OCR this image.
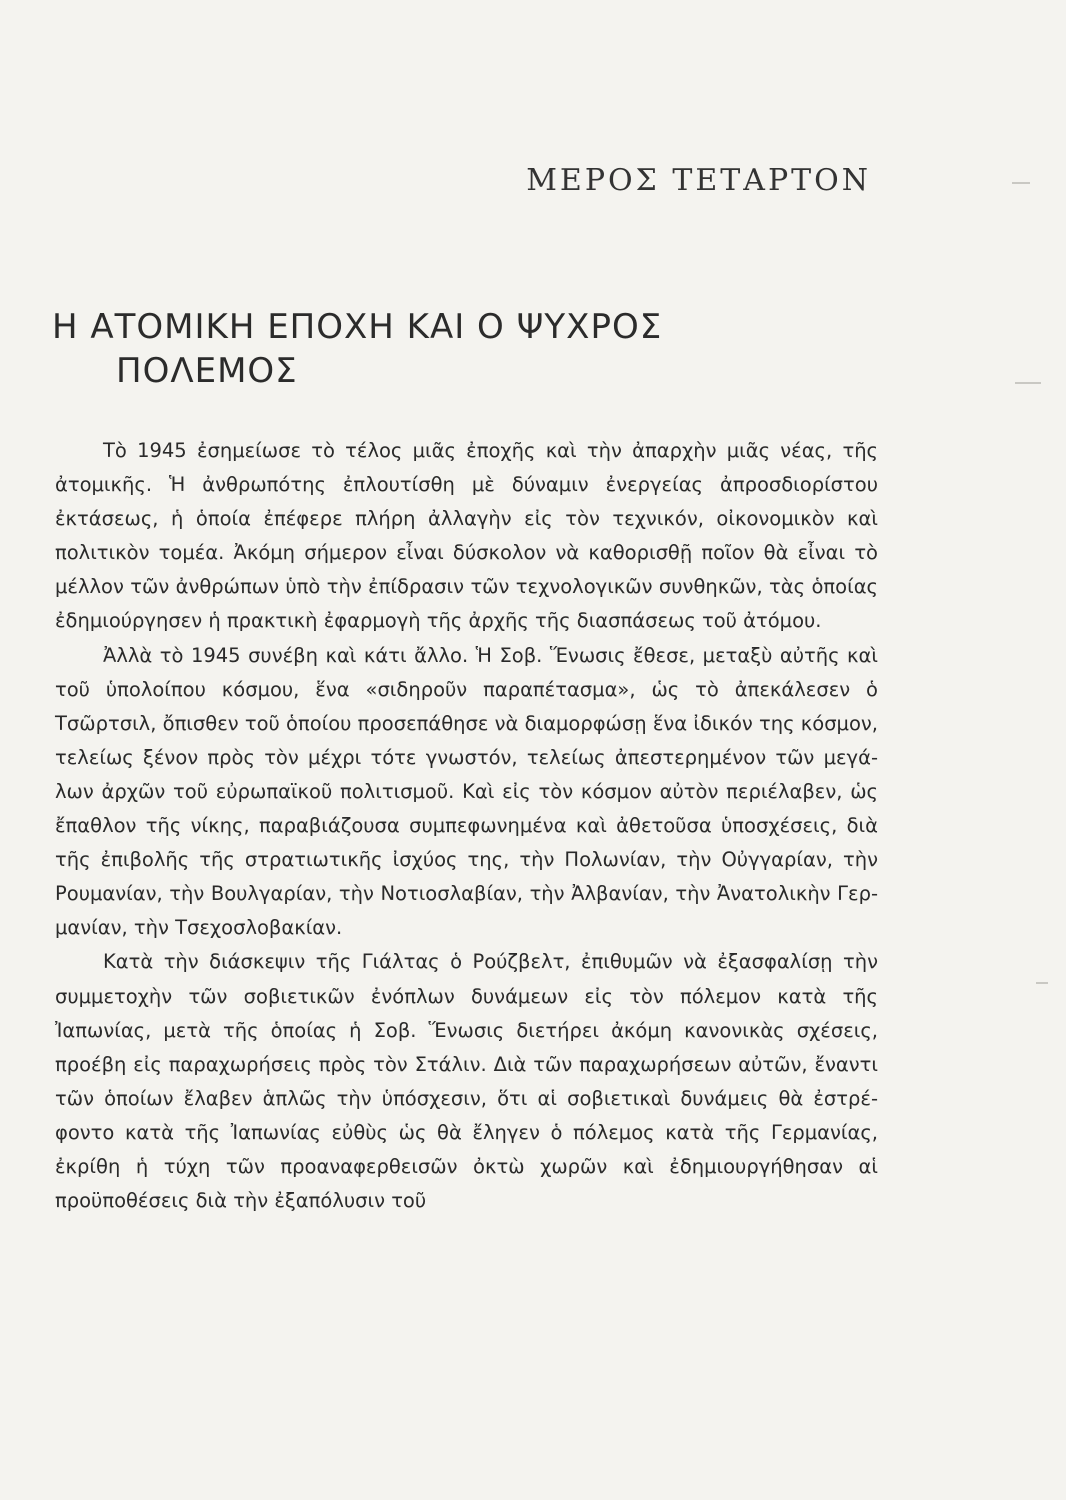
ΜΕΡΟΣ ΤΕΤΑΡΤΟΝ
Η ΑΤΟΜΙΚΗ ΕΠΟΧΗ ΚΑΙ Ο ΨΥΧΡΟΣ
ΠΟΛΕΜΟΣ

Τὸ 1945 ἐσημείωσε τὸ τέλος μιᾶς ἐποχῆς καὶ τὴν ἀπαρχὴν μιᾶς νέας, τῆς ἀτομικῆς. Ἡ ἀνθρωπότης ἐπλουτίσθη μὲ δύναμιν ἐνεργείας ἀπροσδιορίστου ἐκτάσεως, ἡ ὁποία ἐπέφερε πλήρη ἀλλαγὴν εἰς τὸν τεχνικόν, οἰκονομικὸν καὶ πολιτικὸν τομέα. Ἀκόμη σήμερον εἶναι δύσκολον νὰ καθορισθῇ ποῖον θὰ εἶναι τὸ μέλλον τῶν ἀνθρώπων ὑπὸ τὴν ἐπίδρασιν τῶν τεχνολογικῶν συνθηκῶν, τὰς ὁποίας ἐδημιούργησεν ἡ πρακτικὴ ἐφαρμογὴ τῆς ἀρχῆς τῆς διασπάσεως τοῦ ἀτόμου.

Ἀλλὰ τὸ 1945 συνέβη καὶ κάτι ἄλλο. Ἡ Σοβ. Ἕνωσις ἔθεσε, μεταξὺ αὐτῆς καὶ τοῦ ὑπολοίπου κόσμου, ἕνα «σιδηροῦν παραπέτασμα», ὡς τὸ ἀπεκάλεσεν ὁ Τσῶρτσιλ, ὄπισθεν τοῦ ὁποίου προσεπάθησε νὰ διαμορφώσῃ ἕνα ἰδικόν της κόσμον, τελείως ξένον πρὸς τὸν μέχρι τότε γνωστόν, τελείως ἀπεστερημένον τῶν μεγάλων ἀρχῶν τοῦ εὐρωπαϊκοῦ πολιτισμοῦ. Καὶ εἰς τὸν κόσμον αὐτὸν περιέλαβεν, ὡς ἔπαθλον τῆς νίκης, παραβιάζουσα συμπεφωνημένα καὶ ἀθετοῦσα ὑποσχέσεις, διὰ τῆς ἐπιβολῆς τῆς στρατιωτικῆς ἰσχύος της, τὴν Πολωνίαν, τὴν Οὐγγαρίαν, τὴν Ρουμανίαν, τὴν Βουλγαρίαν, τὴν Νοτιοσλαβίαν, τὴν Ἀλβανίαν, τὴν Ἀνατολικὴν Γερμανίαν, τὴν Τσεχοσλοβακίαν.

Κατὰ τὴν διάσκεψιν τῆς Γιάλτας ὁ Ρούζβελτ, ἐπιθυμῶν νὰ ἐξασφαλίσῃ τὴν συμμετοχὴν τῶν σοβιετικῶν ἐνόπλων δυνάμεων εἰς τὸν πόλεμον κατὰ τῆς Ἰαπωνίας, μετὰ τῆς ὁποίας ἡ Σοβ. Ἕνωσις διετήρει ἀκόμη κανονικὰς σχέσεις, προέβη εἰς παραχωρήσεις πρὸς τὸν Στάλιν. Διὰ τῶν παραχωρήσεων αὐτῶν, ἔναντι τῶν ὁποίων ἔλαβεν ἁπλῶς τὴν ὑπόσχεσιν, ὅτι αἱ σοβιετικαὶ δυνάμεις θὰ ἐστρέφοντο κατὰ τῆς Ἰαπωνίας εὐθὺς ὡς θὰ ἔληγεν ὁ πόλεμος κατὰ τῆς Γερμανίας, ἐκρίθη ἡ τύχη τῶν προαναφερθεισῶν ὀκτὼ χωρῶν καὶ ἐδημιουργήθησαν αἱ προϋποθέσεις διὰ τὴν ἐξαπόλυσιν τοῦ
